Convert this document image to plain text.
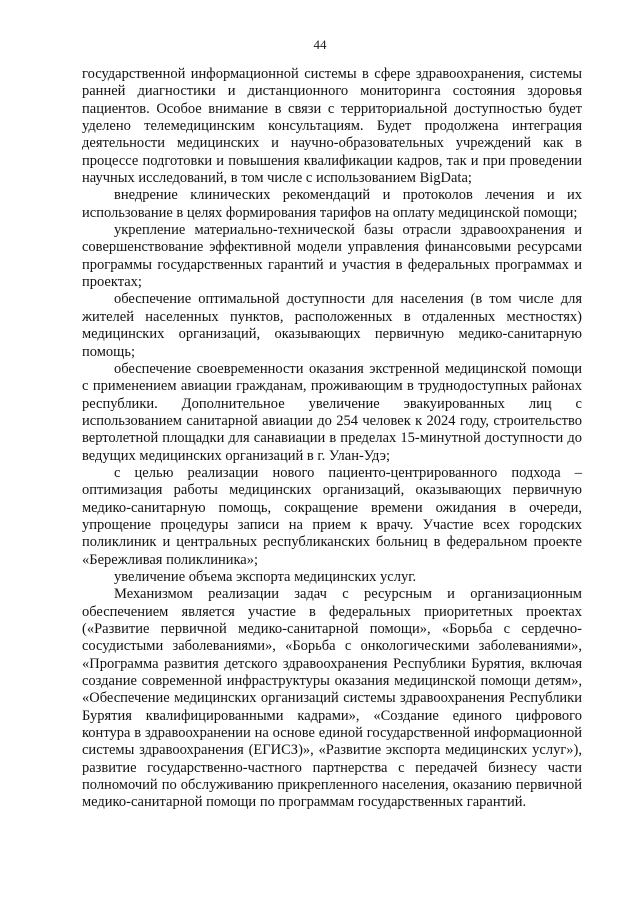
44

государственной информационной системы в сфере здравоохранения, системы ранней диагностики и дистанционного мониторинга состояния здоровья пациентов. Особое внимание в связи с территориальной доступностью будет уделено телемедицинским консультациям. Будет продолжена интеграция деятельности медицинских и научно-образовательных учреждений как в процессе подготовки и повышения квалификации кадров, так и при проведении научных исследований, в том числе с использованием BigData;

внедрение клинических рекомендаций и протоколов лечения и их использование в целях формирования тарифов на оплату медицинской помощи;

укрепление материально-технической базы отрасли здравоохранения и совершенствование эффективной модели управления финансовыми ресурсами программы государственных гарантий и участия в федеральных программах и проектах;

обеспечение оптимальной доступности для населения (в том числе для жителей населенных пунктов, расположенных в отдаленных местностях) медицинских организаций, оказывающих первичную медико-санитарную помощь;

обеспечение своевременности оказания экстренной медицинской помощи с применением авиации гражданам, проживающим в труднодоступных районах республики. Дополнительное увеличение эвакуированных лиц с использованием санитарной авиации до 254 человек к 2024 году, строительство вертолетной площадки для санавиации в пределах 15-минутной доступности до ведущих медицинских организаций в г. Улан-Удэ;

с целью реализации нового пациенто-центрированного подхода – оптимизация работы медицинских организаций, оказывающих первичную медико-санитарную помощь, сокращение времени ожидания в очереди, упрощение процедуры записи на прием к врачу. Участие всех городских поликлиник и центральных республиканских больниц в федеральном проекте «Бережливая поликлиника»;

увеличение объема экспорта медицинских услуг.

Механизмом реализации задач с ресурсным и организационным обеспечением является участие в федеральных приоритетных проектах («Развитие первичной медико-санитарной помощи», «Борьба с сердечно-сосудистыми заболеваниями», «Борьба с онкологическими заболеваниями», «Программа развития детского здравоохранения Республики Бурятия, включая создание современной инфраструктуры оказания медицинской помощи детям», «Обеспечение медицинских организаций системы здравоохранения Республики Бурятия квалифицированными кадрами», «Создание единого цифрового контура в здравоохранении на основе единой государственной информационной системы здравоохранения (ЕГИСЗ)», «Развитие экспорта медицинских услуг»), развитие государственно-частного партнерства с передачей бизнесу части полномочий по обслуживанию прикрепленного населения, оказанию первичной медико-санитарной помощи по программам государственных гарантий.
